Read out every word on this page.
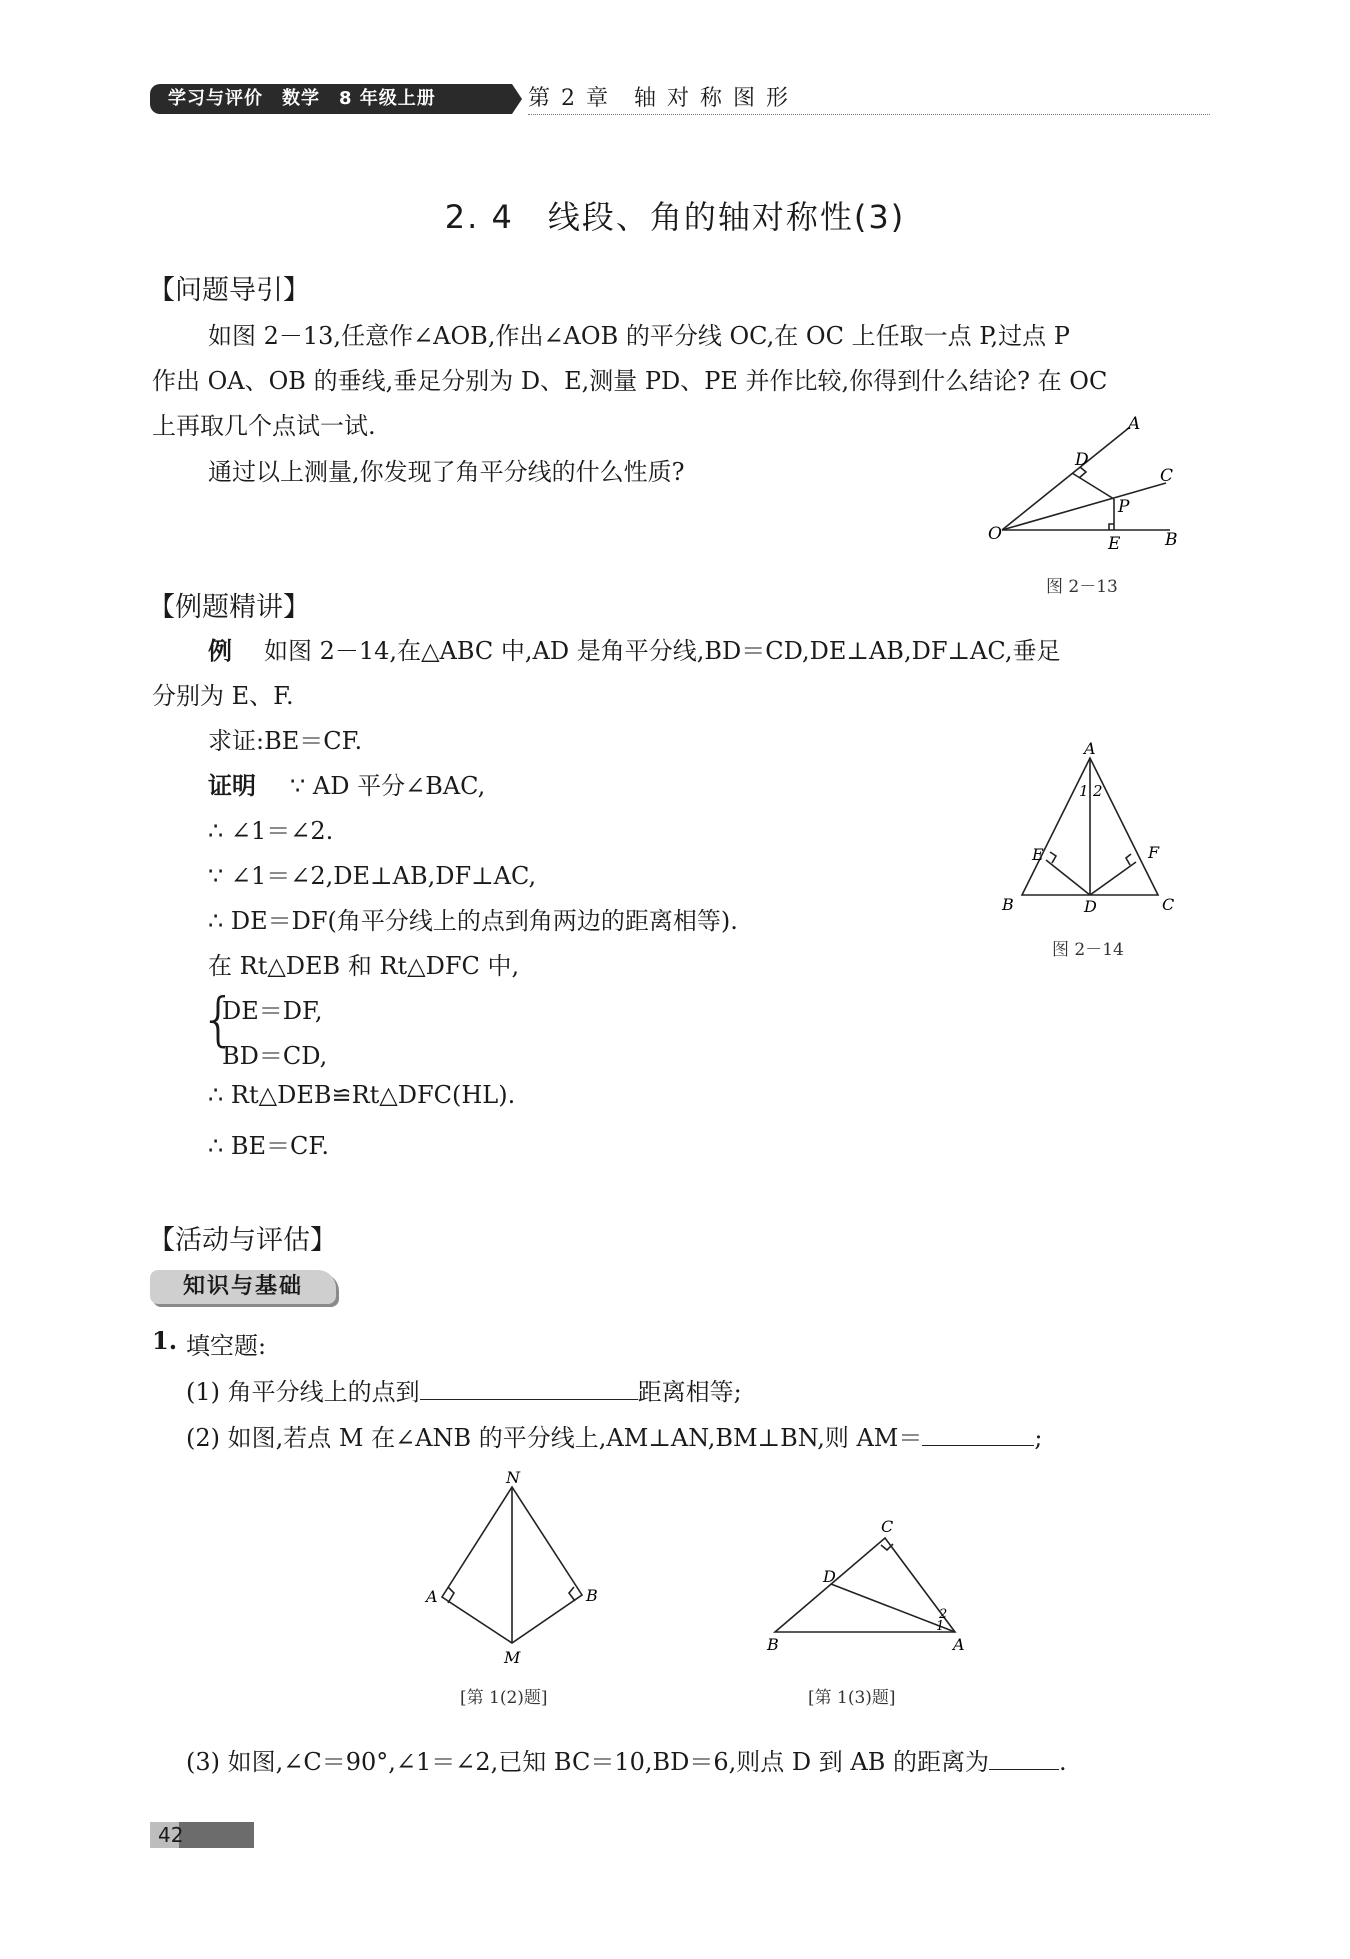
学习与评价　数学　8 年级上册	第 2 章　轴 对 称 图 形
2. 4　线段、角的轴对称性(3)
【问题导引】
如图 2－13,任意作∠AOB,作出∠AOB 的平分线 OC,在 OC 上任取一点 P,过点 P
作出 OA、OB 的垂线,垂足分别为 D、E,测量 PD、PE 并作比较,你得到什么结论? 在 OC
上再取几个点试一试.
通过以上测量,你发现了角平分线的什么性质?
A
D
C
P
O	E	B
图 2－13
【例题精讲】
例 如图 2－14,在△ABC 中,AD 是角平分线,BD＝CD,DE⊥AB,DF⊥AC,垂足
分别为 E、F.
求证:BE＝CF.
证明 ∵ AD 平分∠BAC,
∴ ∠1＝∠2.
∵ ∠1＝∠2,DE⊥AB,DF⊥AC,
∴ DE＝DF(角平分线上的点到角两边的距离相等).
在 Rt△DEB 和 Rt△DFC 中,
{
DE＝DF,
BD＝CD,
∴ Rt△DEB≌Rt△DFC(HL).
∴ BE＝CF.
A
1 2
E	F
B	D	C
图 2－14
【活动与评估】
知识与基础
1. 填空题:
(1) 角平分线上的点到	距离相等;
(2) 如图,若点 M 在∠ANB 的平分线上,AM⊥AN,BM⊥BN,则 AM＝	;
N
A	B
M
[第 1(2)题]
C
D
B	A
1
2
[第 1(3)题]
(3) 如图,∠C＝90°,∠1＝∠2,已知 BC＝10,BD＝6,则点 D 到 AB 的距离为	.
42
